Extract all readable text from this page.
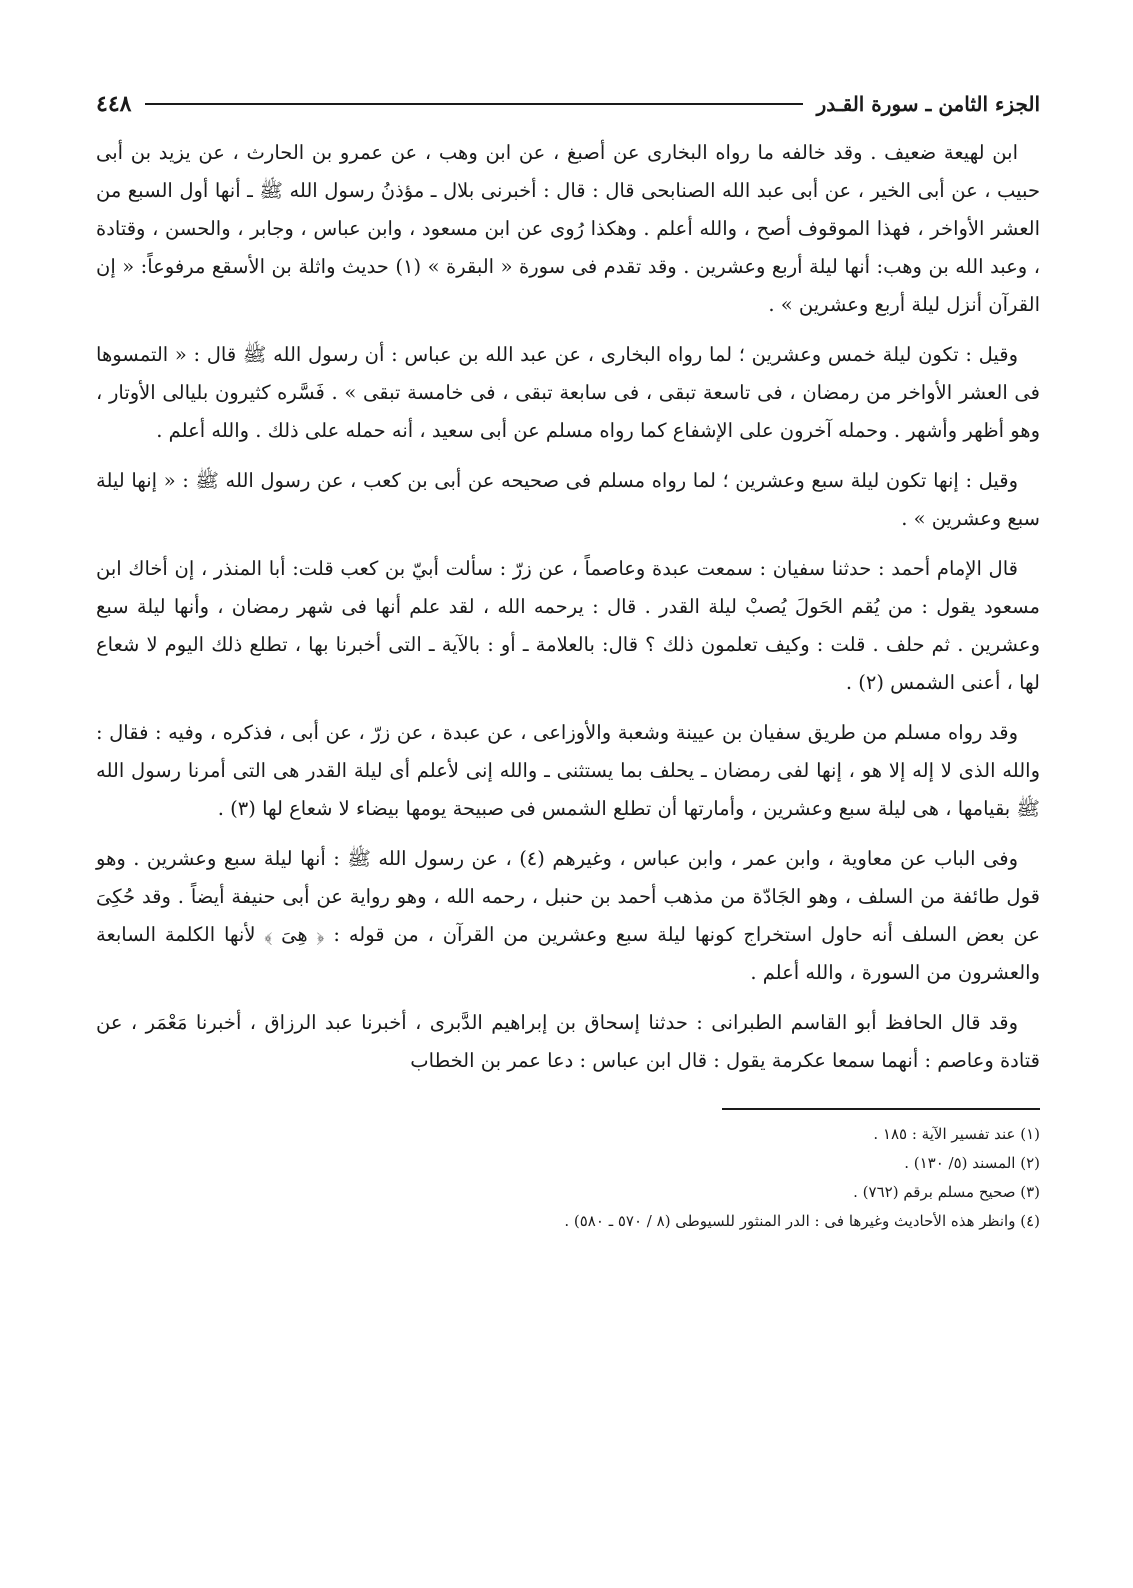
الجزء الثامن ـ سورة القـدر
٤٤٨

ابن لهيعة ضعيف . وقد خالفه ما رواه البخارى عن أصبغ ، عن ابن وهب ، عن عمرو بن الحارث ، عن يزيد بن أبى حبيب ، عن أبى الخير ، عن أبى عبد الله الصنابحى قال : قال : أخبرنى بلال ـ مؤذنُ رسول الله ﷺ ـ أنها أول السبع من العشر الأواخر ، فهذا الموقوف أصح ، والله أعلم . وهكذا رُوى عن ابن مسعود ، وابن عباس ، وجابر ، والحسن ، وقتادة ، وعبد الله بن وهب: أنها ليلة أربع وعشرين . وقد تقدم فى سورة « البقرة » (١) حديث واثلة بن الأسقع مرفوعاً: « إن القرآن أنزل ليلة أربع وعشرين » .

وقيل : تكون ليلة خمس وعشرين ؛ لما رواه البخارى ، عن عبد الله بن عباس : أن رسول الله ﷺ قال : « التمسوها فى العشر الأواخر من رمضان ، فى تاسعة تبقى ، فى سابعة تبقى ، فى خامسة تبقى » . فَسَّره كثيرون بليالى الأوتار ، وهو أظهر وأشهر . وحمله آخرون على الإشفاع كما رواه مسلم عن أبى سعيد ، أنه حمله على ذلك . والله أعلم .

وقيل : إنها تكون ليلة سبع وعشرين ؛ لما رواه مسلم فى صحيحه عن أبى بن كعب ، عن رسول الله ﷺ : « إنها ليلة سبع وعشرين » .

قال الإمام أحمد : حدثنا سفيان : سمعت عبدة وعاصماً ، عن زرّ : سألت أبيّ بن كعب قلت: أبا المنذر ، إن أخاك ابن مسعود يقول : من يُقم الحَولَ يُصبْ ليلة القدر . قال : يرحمه الله ، لقد علم أنها فى شهر رمضان ، وأنها ليلة سبع وعشرين . ثم حلف . قلت : وكيف تعلمون ذلك ؟ قال: بالعلامة ـ أو : بالآية ـ التى أخبرنا بها ، تطلع ذلك اليوم لا شعاع لها ، أعنى الشمس (٢) .

وقد رواه مسلم من طريق سفيان بن عيينة وشعبة والأوزاعى ، عن عبدة ، عن زرّ ، عن أبى ، فذكره ، وفيه : فقال : والله الذى لا إله إلا هو ، إنها لفى رمضان ـ يحلف بما يستثنى ـ والله إنى لأعلم أى ليلة القدر هى التى أمرنا رسول الله ﷺ بقيامها ، هى ليلة سبع وعشرين ، وأمارتها أن تطلع الشمس فى صبيحة يومها بيضاء لا شعاع لها (٣) .

وفى الباب عن معاوية ، وابن عمر ، وابن عباس ، وغيرهم (٤) ، عن رسول الله ﷺ : أنها ليلة سبع وعشرين . وهو قول طائفة من السلف ، وهو الجَادّة من مذهب أحمد بن حنبل ، رحمه الله ، وهو رواية عن أبى حنيفة أيضاً . وقد حُكِىَ عن بعض السلف أنه حاول استخراج كونها ليلة سبع وعشرين من القرآن ، من قوله : ﴿ هِىَ ﴾ لأنها الكلمة السابعة والعشرون من السورة ، والله أعلم .

وقد قال الحافظ أبو القاسم الطبرانى : حدثنا إسحاق بن إبراهيم الدَّبرى ، أخبرنا عبد الرزاق ، أخبرنا مَعْمَر ، عن قتادة وعاصم : أنهما سمعا عكرمة يقول : قال ابن عباس : دعا عمر بن الخطاب

(١) عند تفسير الآية : ١٨٥ .

(٢) المسند (٥/ ١٣٠) .

(٣) صحيح مسلم برقم (٧٦٢) .

(٤) وانظر هذه الأحاديث وغيرها فى : الدر المنثور للسيوطى (٨ / ٥٧٠ ـ ٥٨٠) .
